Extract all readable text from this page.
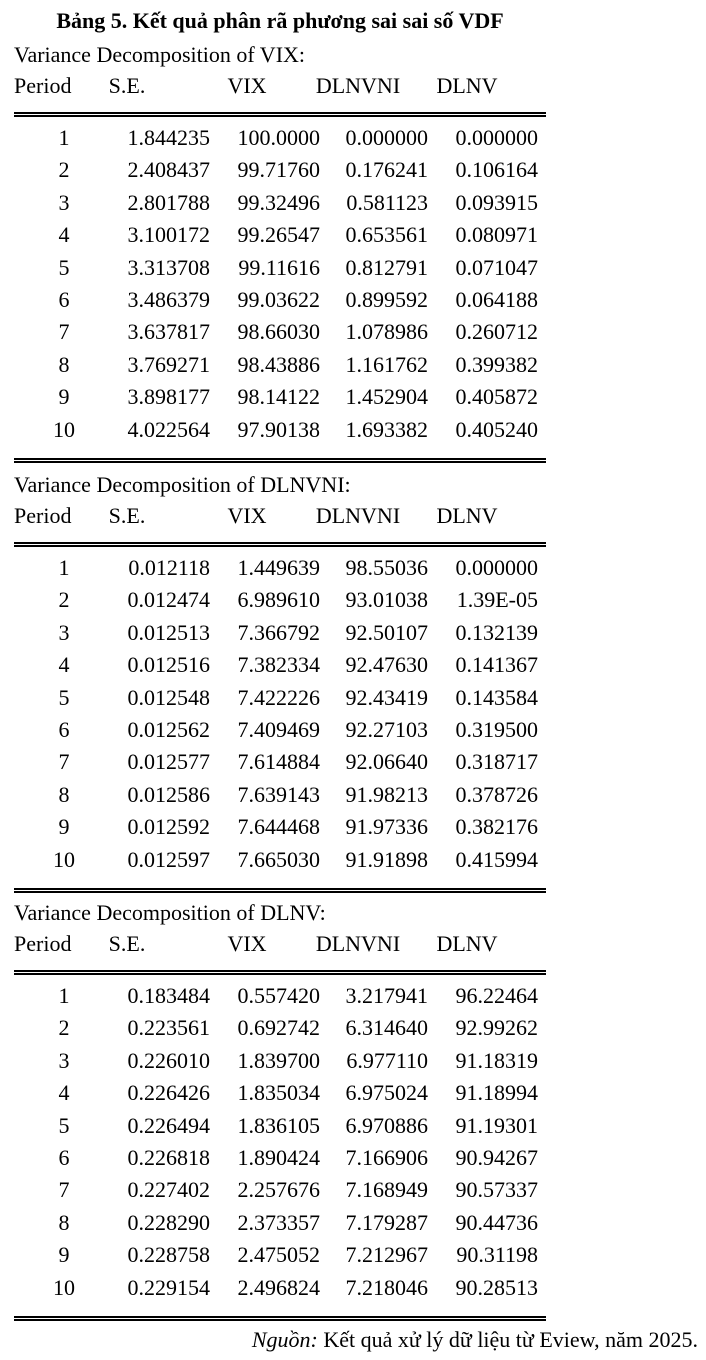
Bảng 5. Kết quả phân rã phương sai sai số VDF
Variance Decomposition of VIX:
Period	S.E.	VIX	DLNVNI	DLNV
1	1.844235	100.0000	0.000000	0.000000
2	2.408437	99.71760	0.176241	0.106164
3	2.801788	99.32496	0.581123	0.093915
4	3.100172	99.26547	0.653561	0.080971
5	3.313708	99.11616	0.812791	0.071047
6	3.486379	99.03622	0.899592	0.064188
7	3.637817	98.66030	1.078986	0.260712
8	3.769271	98.43886	1.161762	0.399382
9	3.898177	98.14122	1.452904	0.405872
10	4.022564	97.90138	1.693382	0.405240
Variance Decomposition of DLNVNI:
Period	S.E.	VIX	DLNVNI	DLNV
1	0.012118	1.449639	98.55036	0.000000
2	0.012474	6.989610	93.01038	1.39E-05
3	0.012513	7.366792	92.50107	0.132139
4	0.012516	7.382334	92.47630	0.141367
5	0.012548	7.422226	92.43419	0.143584
6	0.012562	7.409469	92.27103	0.319500
7	0.012577	7.614884	92.06640	0.318717
8	0.012586	7.639143	91.98213	0.378726
9	0.012592	7.644468	91.97336	0.382176
10	0.012597	7.665030	91.91898	0.415994
Variance Decomposition of DLNV:
Period	S.E.	VIX	DLNVNI	DLNV
1	0.183484	0.557420	3.217941	96.22464
2	0.223561	0.692742	6.314640	92.99262
3	0.226010	1.839700	6.977110	91.18319
4	0.226426	1.835034	6.975024	91.18994
5	0.226494	1.836105	6.970886	91.19301
6	0.226818	1.890424	7.166906	90.94267
7	0.227402	2.257676	7.168949	90.57337
8	0.228290	2.373357	7.179287	90.44736
9	0.228758	2.475052	7.212967	90.31198
10	0.229154	2.496824	7.218046	90.28513
Nguồn: Kết quả xử lý dữ liệu từ Eview, năm 2025.
